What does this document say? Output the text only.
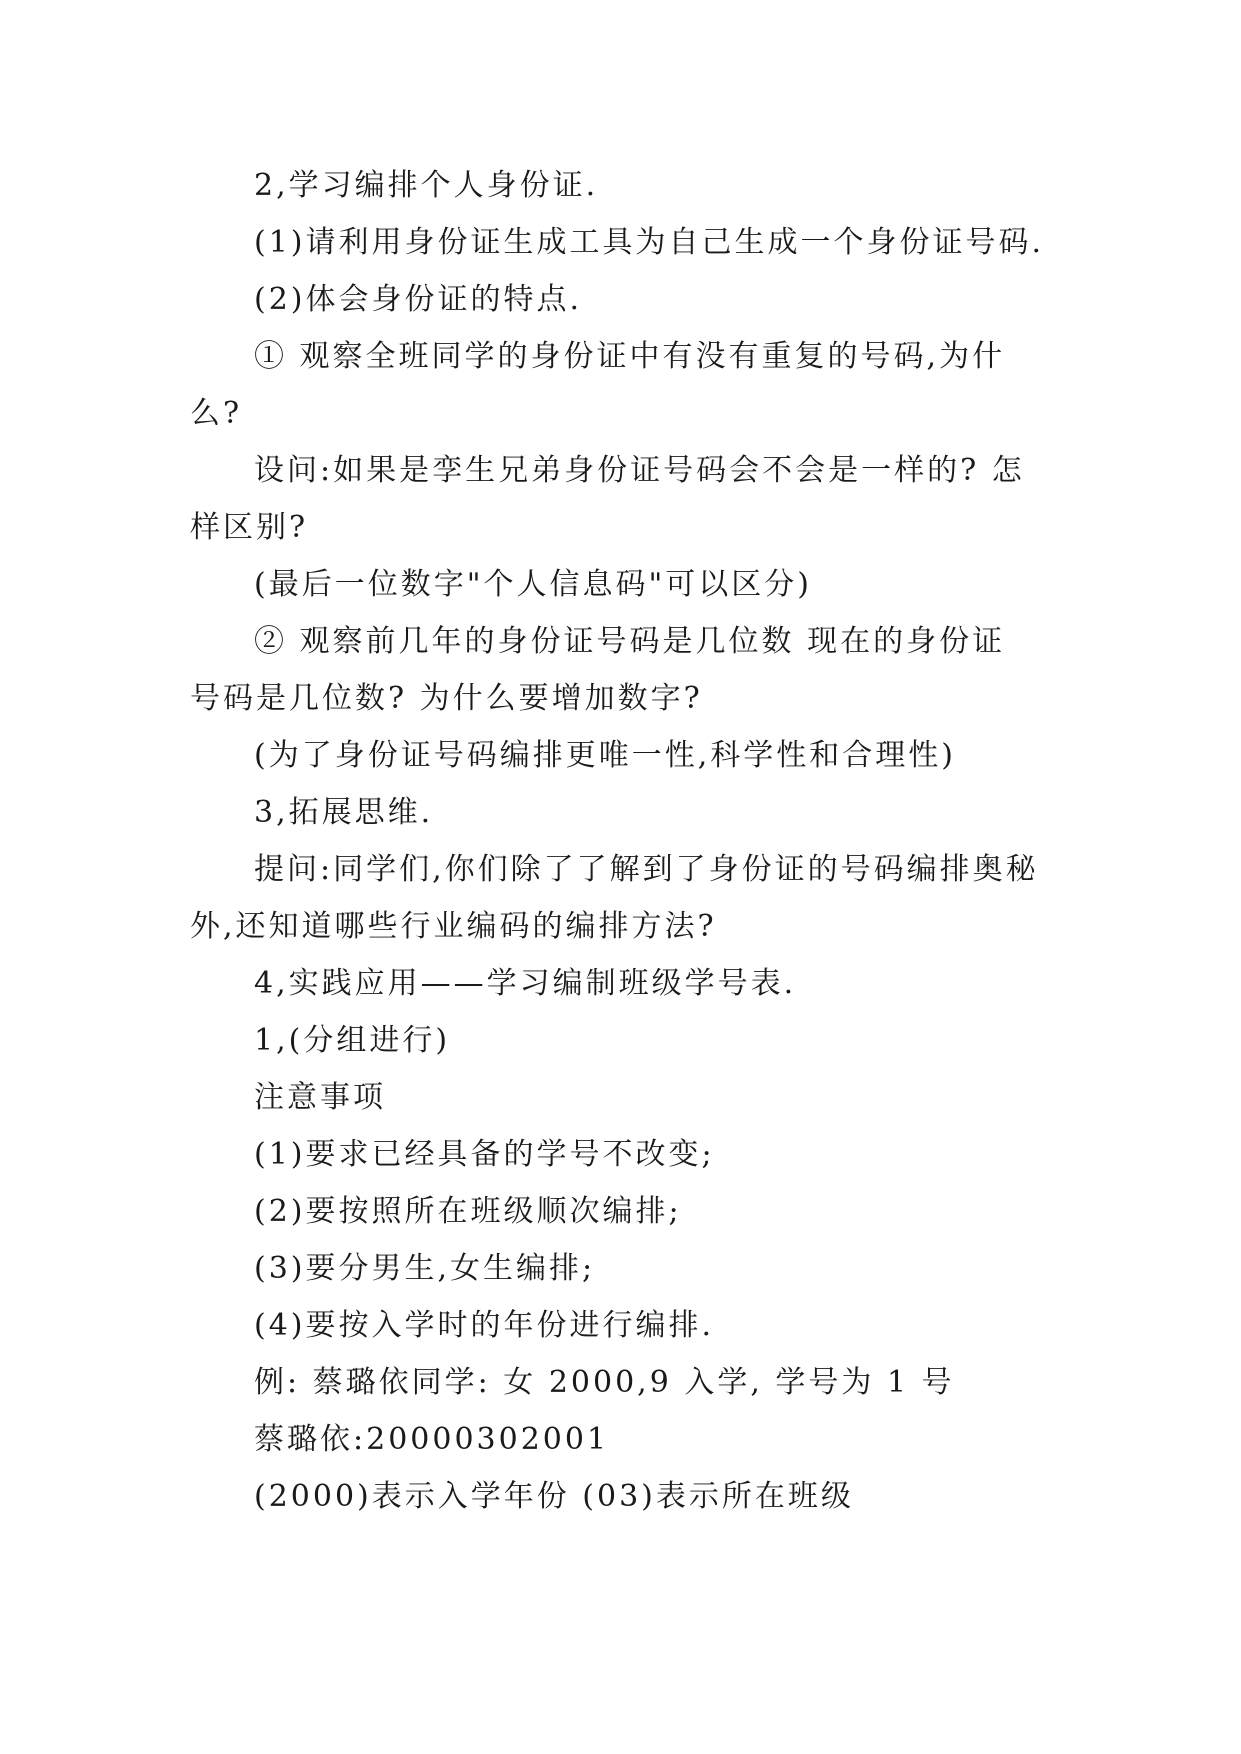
2,学习编排个人身份证.
(1)请利用身份证生成工具为自己生成一个身份证号码.
(2)体会身份证的特点.
① 观察全班同学的身份证中有没有重复的号码,为什
么?
设问:如果是孪生兄弟身份证号码会不会是一样的? 怎
样区别?
(最后一位数字"个人信息码"可以区分)
② 观察前几年的身份证号码是几位数 现在的身份证
号码是几位数? 为什么要增加数字?
(为了身份证号码编排更唯一性,科学性和合理性)
3,拓展思维.
提问:同学们,你们除了了解到了身份证的号码编排奥秘
外,还知道哪些行业编码的编排方法?
4,实践应用——学习编制班级学号表.
1,(分组进行)
注意事项
(1)要求已经具备的学号不改变;
(2)要按照所在班级顺次编排;
(3)要分男生,女生编排;
(4)要按入学时的年份进行编排.
例: 蔡璐依同学: 女 2000,9 入学, 学号为 1 号
蔡璐依:20000302001
(2000)表示入学年份 (03)表示所在班级
